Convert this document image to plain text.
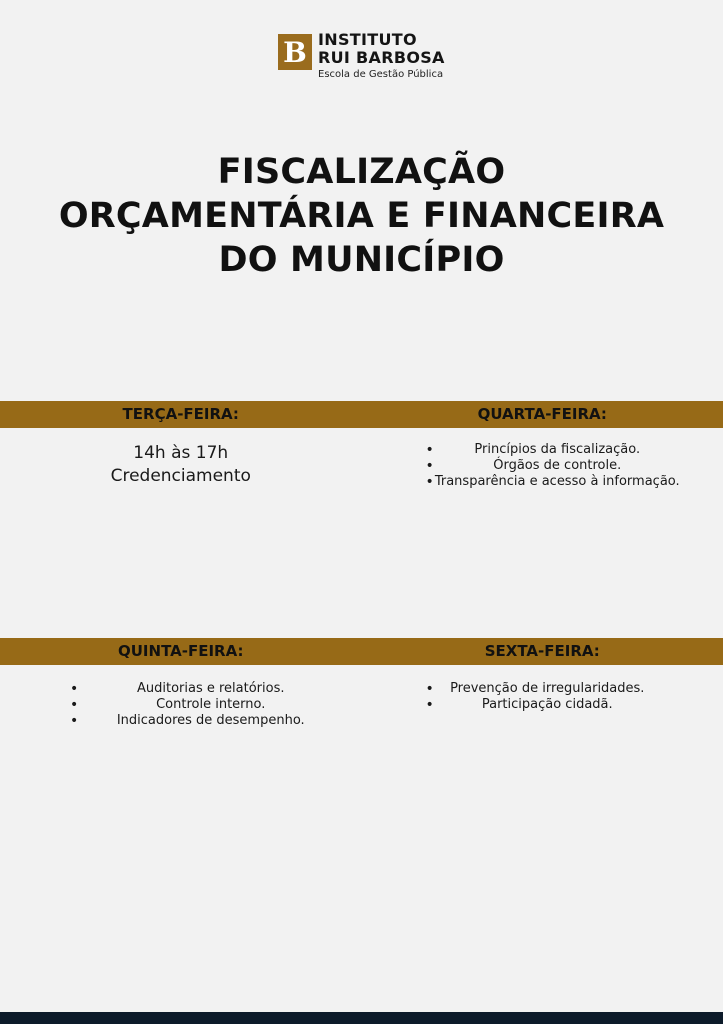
B INSTITUTO
RUI BARBOSA
Escola de Gestão Pública
FISCALIZAÇÃO
ORÇAMENTÁRIA E FINANCEIRA
DO MUNICÍPIO
TERÇA-FEIRA:	QUARTA-FEIRA:
14h às 17h
Credenciamento
• Princípios da fiscalização.
• Órgãos de controle.
• Transparência e acesso à informação.
QUINTA-FEIRA:	SEXTA-FEIRA:
• Auditorias e relatórios.
• Controle interno.
• Indicadores de desempenho.
• Prevenção de irregularidades.
• Participação cidadã.
